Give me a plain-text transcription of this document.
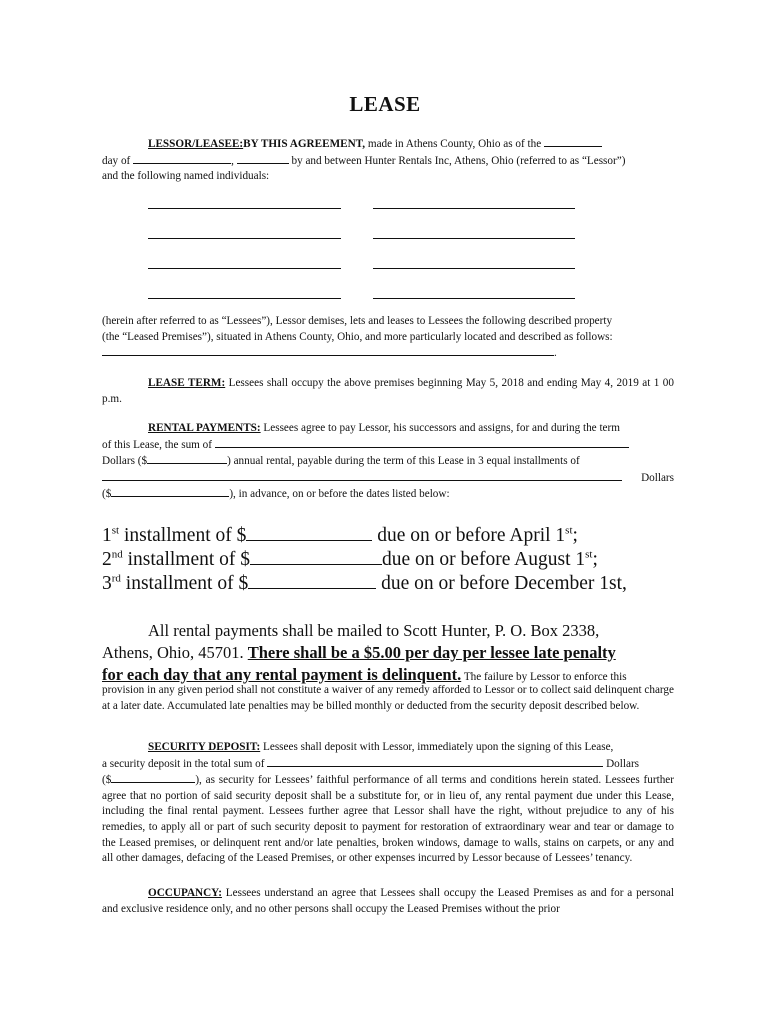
LEASE
LESSOR/LEASEE:BY THIS AGREEMENT, made in Athens County, Ohio as of the
day of	,	by and between Hunter Rentals Inc, Athens, Ohio (referred to as “Lessor”)
and the following named individuals:
(herein after referred to as “Lessees”), Lessor demises, lets and leases to Lessees the following described property
(the “Leased Premises”), situated in Athens County, Ohio, and more particularly located and described as follows:
.
LEASE TERM: Lessees shall occupy the above premises beginning May 5, 2018 and ending May 4, 2019 at 1 00 p.m.
RENTAL PAYMENTS: Lessees agree to pay Lessor, his successors and assigns, for and during the term
of this Lease, the sum of
Dollars ($	) annual rental, payable during the term of this Lease in 3 equal installments of
Dollars
($	), in advance, on or before the dates listed below:
1st installment of $	due on or before April 1st;
2nd installment of $	due on or before August 1st;
3rd installment of $	due on or before December 1st,
All rental payments shall be mailed to Scott Hunter, P. O. Box 2338,
Athens, Ohio, 45701. There shall be a $5.00 per day per lessee late penalty
for each day that any rental payment is delinquent. The failure by Lessor to enforce this
provision in any given period shall not constitute a waiver of any remedy afforded to Lessor or to collect said delinquent charge at a later date. Accumulated late penalties may be billed monthly or deducted from the security deposit described below.
SECURITY DEPOSIT: Lessees shall deposit with Lessor, immediately upon the signing of this Lease,
a security deposit in the total sum of	Dollars
($	), as security for Lessees’ faithful performance of all terms and conditions herein stated. Lessees further agree that no portion of said security deposit shall be a substitute for, or in lieu of, any rental payment due under this Lease, including the final rental payment. Lessees further agree that Lessor shall have the right, without prejudice to any of his remedies, to apply all or part of such security deposit to payment for restoration of extraordinary wear and tear or damage to the Leased premises, or delinquent rent and/or late penalties, broken windows, damage to walls, stains on carpets, or any and all other damages, defacing of the Leased Premises, or other expenses incurred by Lessor because of Lessees’ tenancy.
OCCUPANCY: Lessees understand an agree that Lessees shall occupy the Leased Premises as and for a personal and exclusive residence only, and no other persons shall occupy the Leased Premises without the prior
